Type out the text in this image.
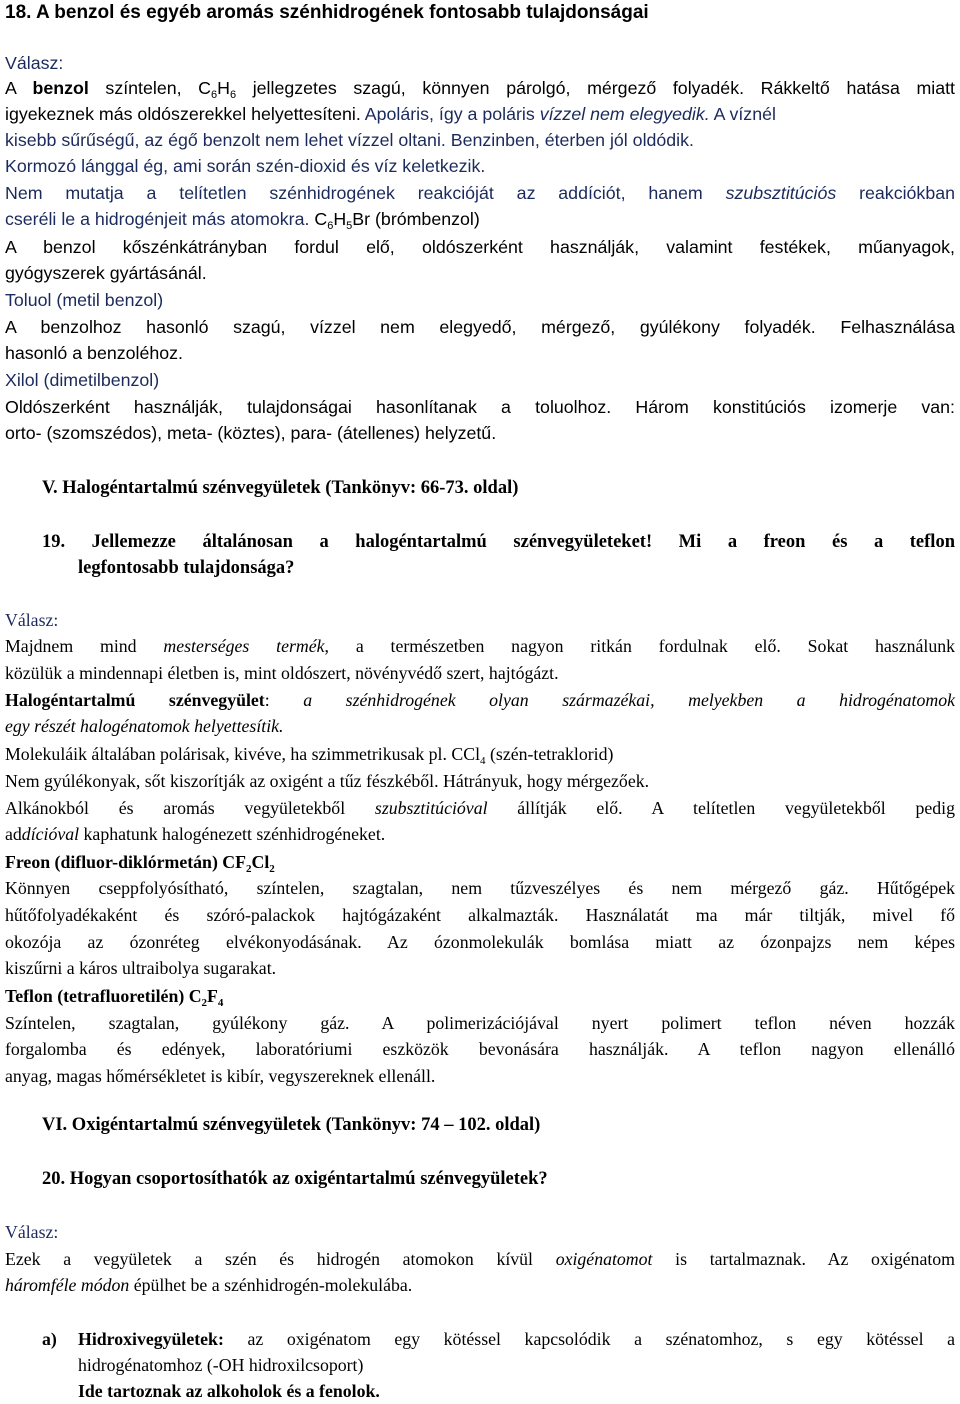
18. A benzol és egyéb aromás szénhidrogének fontosabb tulajdonságai
Válasz:
A benzol színtelen, $C_6H_6$ jellegzetes szagú, könnyen párolgó, mérgező folyadék. Rákkeltő hatása miatt
igyekeznek más oldószerekkel helyettesíteni. Apoláris, így a poláris vízzel nem elegyedik. A víznél
kisebb sűrűségű, az égő benzolt nem lehet vízzel oltani. Benzinben, éterben jól oldódik.
Kormozó lánggal ég, ami során szén-dioxid és víz keletkezik.
Nem mutatja a telítetlen szénhidrogének reakcióját az addíciót, hanem szubsztitúciós reakciókban
cseréli le a hidrogénjeit más atomokra. $C_6H_5Br$ (brómbenzol)
A benzol kőszénkátrányban fordul elő, oldószerként használják, valamint festékek, műanyagok,
gyógyszerek gyártásánál.
Toluol (metil benzol)
A benzolhoz hasonló szagú, vízzel nem elegyedő, mérgező, gyúlékony folyadék. Felhasználása
hasonló a benzoléhoz.
Xilol (dimetilbenzol)
Oldószerként használják, tulajdonságai hasonlítanak a toluolhoz. Három konstitúciós izomerje van:
orto- (szomszédos), meta- (köztes), para- (átellenes) helyzetű.
V. Halogéntartalmú szénvegyületek (Tankönyv: 66-73. oldal)
19. Jellemezze általánosan a halogéntartalmú szénvegyületeket! Mi a freon és a teflon
legfontosabb tulajdonsága?
Válasz:
Majdnem mind mesterséges termék, a természetben nagyon ritkán fordulnak elő. Sokat használunk
közülük a mindennapi életben is, mint oldószert, növényvédő szert, hajtógázt.
Halogéntartalmú szénvegyület: a szénhidrogének olyan származékai, melyekben a hidrogénatomok
egy részét halogénatomok helyettesítik.
Molekuláik általában polárisak, kivéve, ha szimmetrikusak pl. CCl$_4$ (szén-tetraklorid)
Nem gyúlékonyak, sőt kiszorítják az oxigént a tűz fészkéből. Hátrányuk, hogy mérgezőek.
Alkánokból és aromás vegyületekből szubsztitúcióval állítják elő. A telítetlen vegyületekből pedig
addícióval kaphatunk halogénezett szénhidrogéneket.
Freon (difluor-diklórmetán) $CF_2Cl_2$
Könnyen cseppfolyósítható, színtelen, szagtalan, nem tűzveszélyes és nem mérgező gáz. Hűtőgépek
hűtőfolyadékaként és szóró-palackok hajtógázaként alkalmazták. Használatát ma már tiltják, mivel fő
okozója az ózonréteg elvékonyodásának. Az ózonmolekulák bomlása miatt az ózonpajzs nem képes
kiszűrni a káros ultraibolya sugarakat.
Teflon (tetrafluoretilén) $C_2F_4$
Színtelen, szagtalan, gyúlékony gáz. A polimerizációjával nyert polimert teflon néven hozzák
forgalomba és edények, laboratóriumi eszközök bevonására használják. A teflon nagyon ellenálló
anyag, magas hőmérsékletet is kibír, vegyszereknek ellenáll.
VI. Oxigéntartalmú szénvegyületek (Tankönyv: 74 – 102. oldal)
20. Hogyan csoportosíthatók az oxigéntartalmú szénvegyületek?
Válasz:
Ezek a vegyületek a szén és hidrogén atomokon kívül oxigénatomot is tartalmaznak. Az oxigénatom
háromféle módon épülhet be a szénhidrogén-molekulába.
a)	Hidroxivegyületek: az oxigénatom egy kötéssel kapcsolódik a szénatomhoz, s egy kötéssel a
hidrogénatomhoz (-OH hidroxilcsoport)
Ide tartoznak az alkoholok és a fenolok.
